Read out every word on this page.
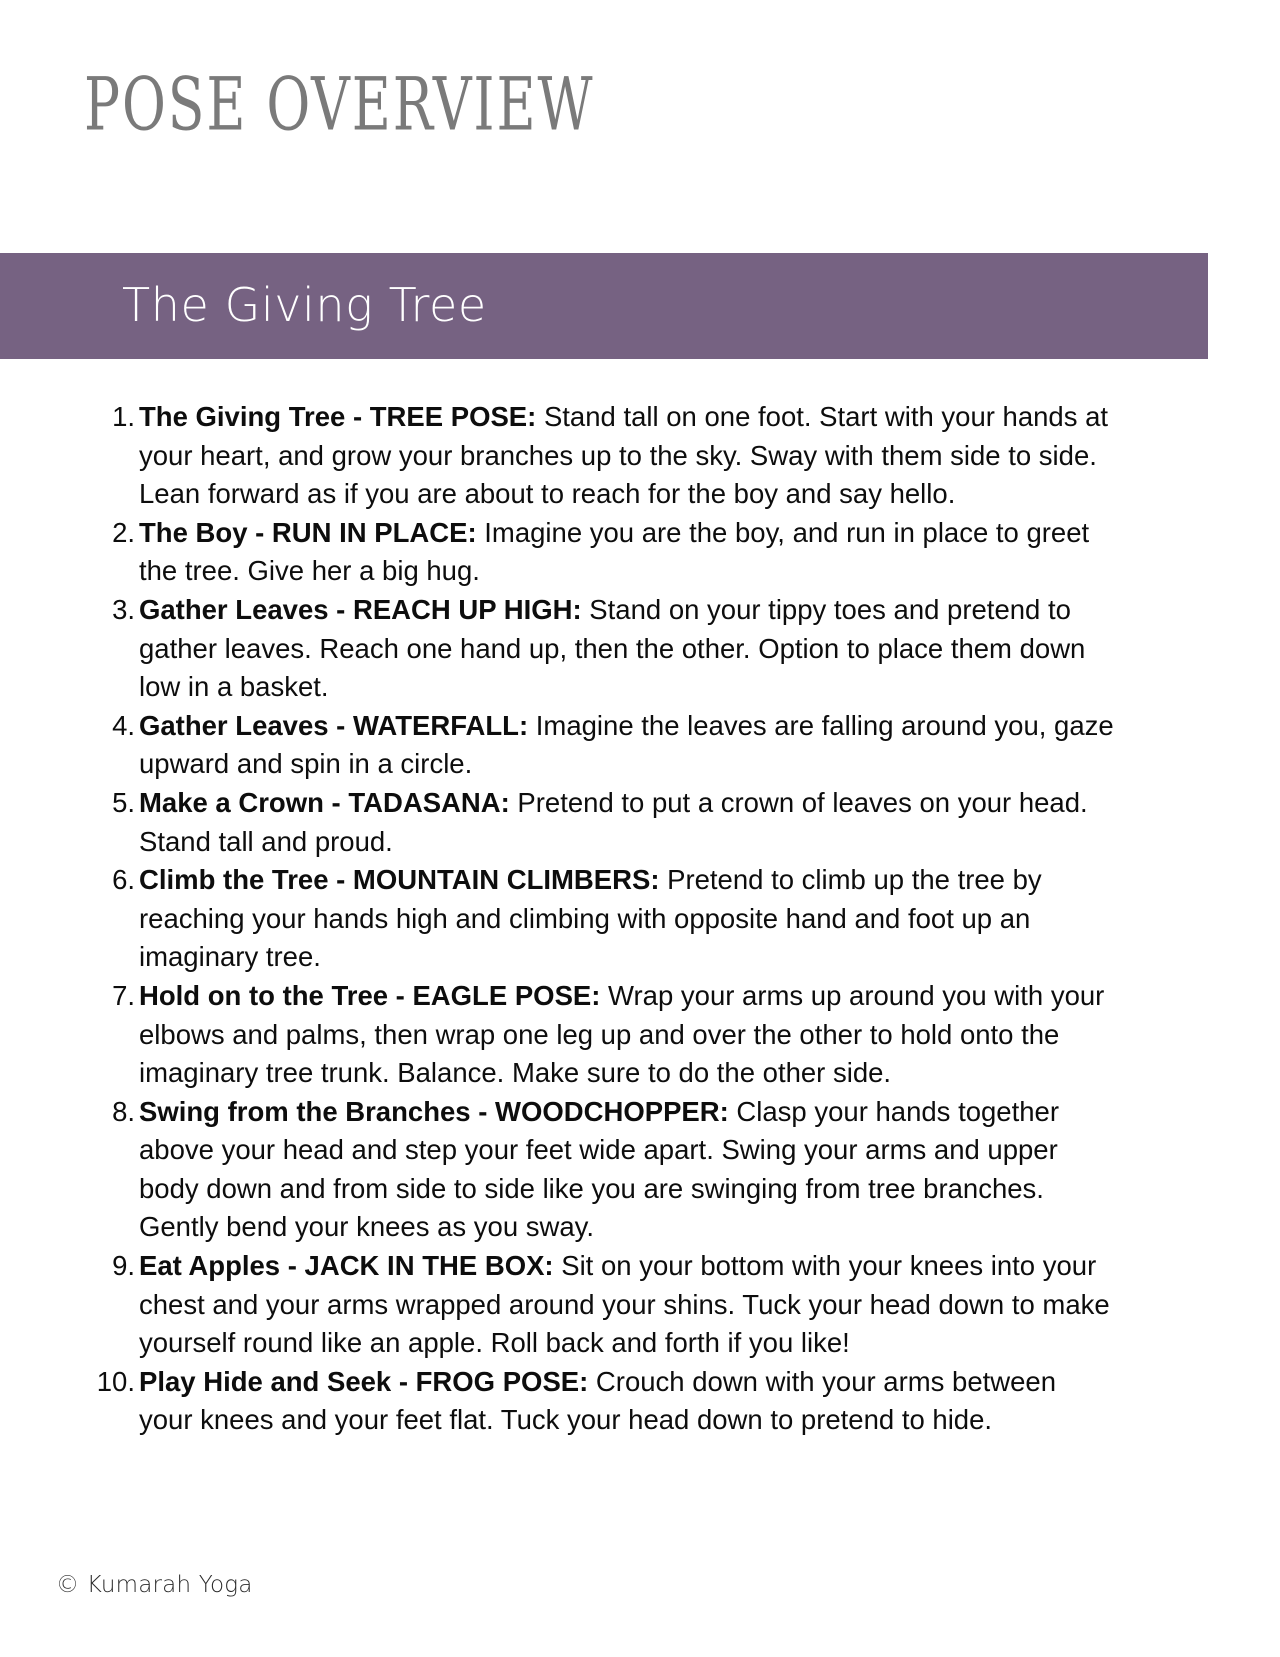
POSE OVERVIEW
The Giving Tree
1. The Giving Tree - TREE POSE: Stand tall on one foot. Start with your hands at your heart, and grow your branches up to the sky. Sway with them side to side. Lean forward as if you are about to reach for the boy and say hello.
2. The Boy - RUN IN PLACE: Imagine you are the boy, and run in place to greet the tree. Give her a big hug.
3. Gather Leaves - REACH UP HIGH: Stand on your tippy toes and pretend to gather leaves. Reach one hand up, then the other. Option to place them down low in a basket.
4. Gather Leaves - WATERFALL: Imagine the leaves are falling around you, gaze upward and spin in a circle.
5. Make a Crown - TADASANA: Pretend to put a crown of leaves on your head. Stand tall and proud.
6. Climb the Tree - MOUNTAIN CLIMBERS: Pretend to climb up the tree by reaching your hands high and climbing with opposite hand and foot up an imaginary tree.
7. Hold on to the Tree - EAGLE POSE: Wrap your arms up around you with your elbows and palms, then wrap one leg up and over the other to hold onto the imaginary tree trunk. Balance. Make sure to do the other side.
8. Swing from the Branches - WOODCHOPPER: Clasp your hands together above your head and step your feet wide apart. Swing your arms and upper body down and from side to side like you are swinging from tree branches. Gently bend your knees as you sway.
9. Eat Apples - JACK IN THE BOX: Sit on your bottom with your knees into your chest and your arms wrapped around your shins. Tuck your head down to make yourself round like an apple. Roll back and forth if you like!
10. Play Hide and Seek - FROG POSE: Crouch down with your arms between your knees and your feet flat. Tuck your head down to pretend to hide.
© Kumarah Yoga
